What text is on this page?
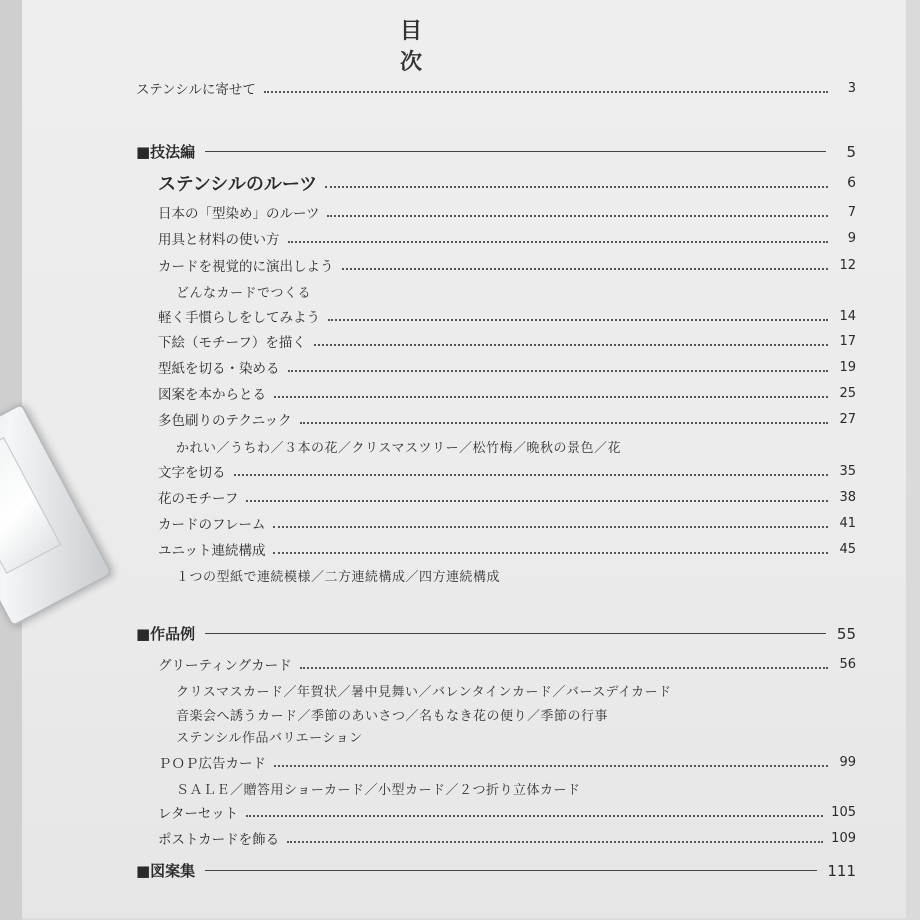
目　次
ステンシルに寄せて	3
■技法編	5
ステンシルのルーツ	6
日本の「型染め」のルーツ	7
用具と材料の使い方	9
カードを視覚的に演出しよう	12
どんなカードでつくる
軽く手慣らしをしてみよう	14
下絵（モチーフ）を描く	17
型紙を切る・染める	19
図案を本からとる	25
多色刷りのテクニック	27
かれい／うちわ／３本の花／クリスマスツリー／松竹梅／晩秋の景色／花
文字を切る	35
花のモチーフ	38
カードのフレーム	41
ユニット連続構成	45
１つの型紙で連続模様／二方連続構成／四方連続構成
■作品例	55
グリーティングカード	56
クリスマスカード／年賀状／暑中見舞い／バレンタインカード／バースデイカード
音楽会へ誘うカード／季節のあいさつ／名もなき花の便り／季節の行事
ステンシル作品バリエーション
ＰＯＰ広告カード	99
ＳＡＬＥ／贈答用ショーカード／小型カード／２つ折り立体カード
レターセット	105
ポストカードを飾る	109
■図案集	111
